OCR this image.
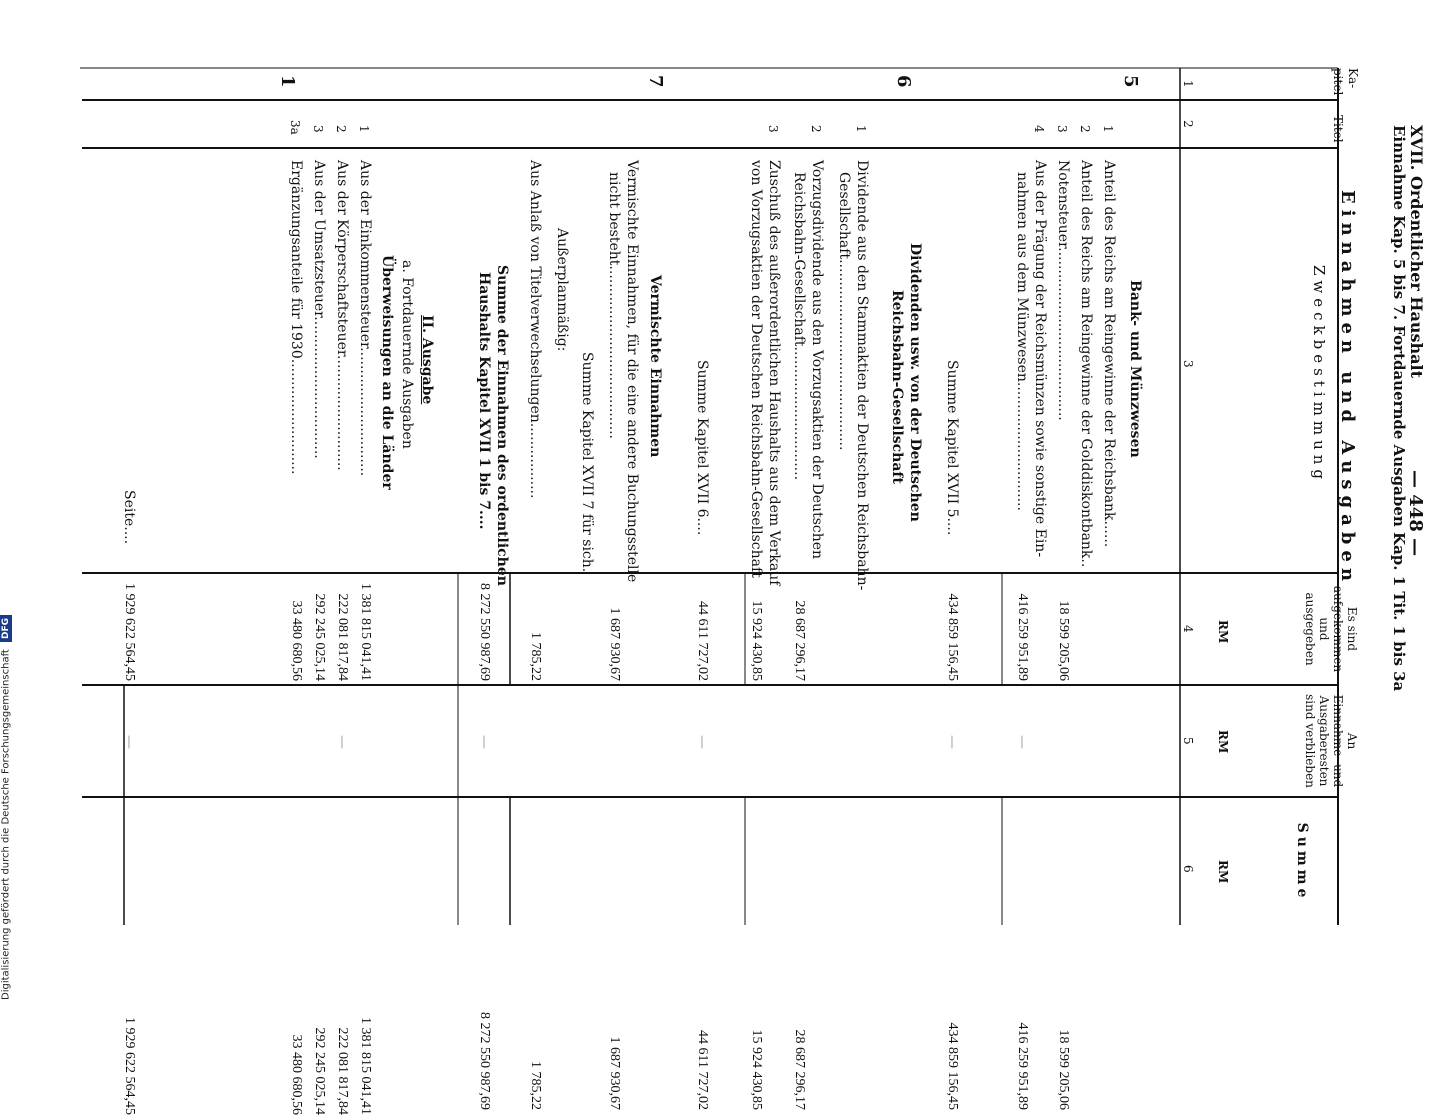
XVII. Ordentlicher Haushalt
— 448 —
Einnahme Kap. 5 bis 7. Fortdauernde Ausgaben Kap. 1 Tit. 1 bis 3a
Ka-
pitel
1
Titel
2
Einnahmen und Ausgaben
Zweckbestimmung
3
Es sind
aufgekommen
und
ausgegeben
RM
4
An
Einnahme- und
Ausgaberesten
sind verblieben
RM
5
Summe
RM
6
5
Bank- und Münzwesen
1
Anteil des Reichs am Reingewinne der Reichsbank......
2
Anteil des Reichs am Reingewinne der Golddiskontbank..
3
Notensteuer.......................................
4
Aus der Prägung der Reichsmünzen sowie sonstige Ein-
nahmen aus dem Münzwesen.............................
Summe Kapitel XVII 5....
18 599 205,06
416 259 951,89
434 859 156,45
6
Dividenden usw. von der Deutschen
Reichsbahn-Gesellschaft
1
Dividende aus den Stammaktien der Deutschen Reichsbahn-
Gesellschaft...........................................
2
Vorzugsdividende aus den Vorzugsaktien der Deutschen
Reichsbahn-Gesellschaft..............................
3
Zuschuß des außerordentlichen Haushalts aus dem Verkauf
von Vorzugsaktien der Deutschen Reichsbahn-Gesellschaft
Summe Kapitel XVII 6....
28 687 296,17
15 924 430,85
44 611 727,02
7
Vermischte Einnahmen
Vermischte Einnahmen, für die eine andere Buchungsstelle
nicht besteht.......................................
Summe Kapitel XVII 7 für sich.
Außerplanmäßig:
Aus Anlaß von Titelverwechselungen.................
Summe der Einnahmen des ordentlichen
Haushalts Kapitel XVII 1 bis 7....
1 687 930,67
1 785,22
8 272 550 987,69
1
II. Ausgabe
a. Fortdauernde Ausgaben
Überweisungen an die Länder
1
Aus der Einkommensteuer.............................
2
Aus der Körperschaftsteuer..........................
3
Aus der Umsatzsteuer................................
3a
Ergänzungsanteile für 1930..........................
Seite....
1 381 815 041,41
222 081 817,84
292 245 025,14
33 480 680,56
1 929 622 564,45
18 599 205,06
416 259 951,89
434 859 156,45
28 687 296,17
15 924 430,85
44 611 727,02
1 687 930,67
1 785,22
8 272 550 987,69
1 381 815 041,41
222 081 817,84
292 245 025,14
33 480 680,56
1 929 622 564,45
—
—
—
—
—
—
Digitalisierung gefördert durch die Deutsche Forschungsgemeinschaft DFG
